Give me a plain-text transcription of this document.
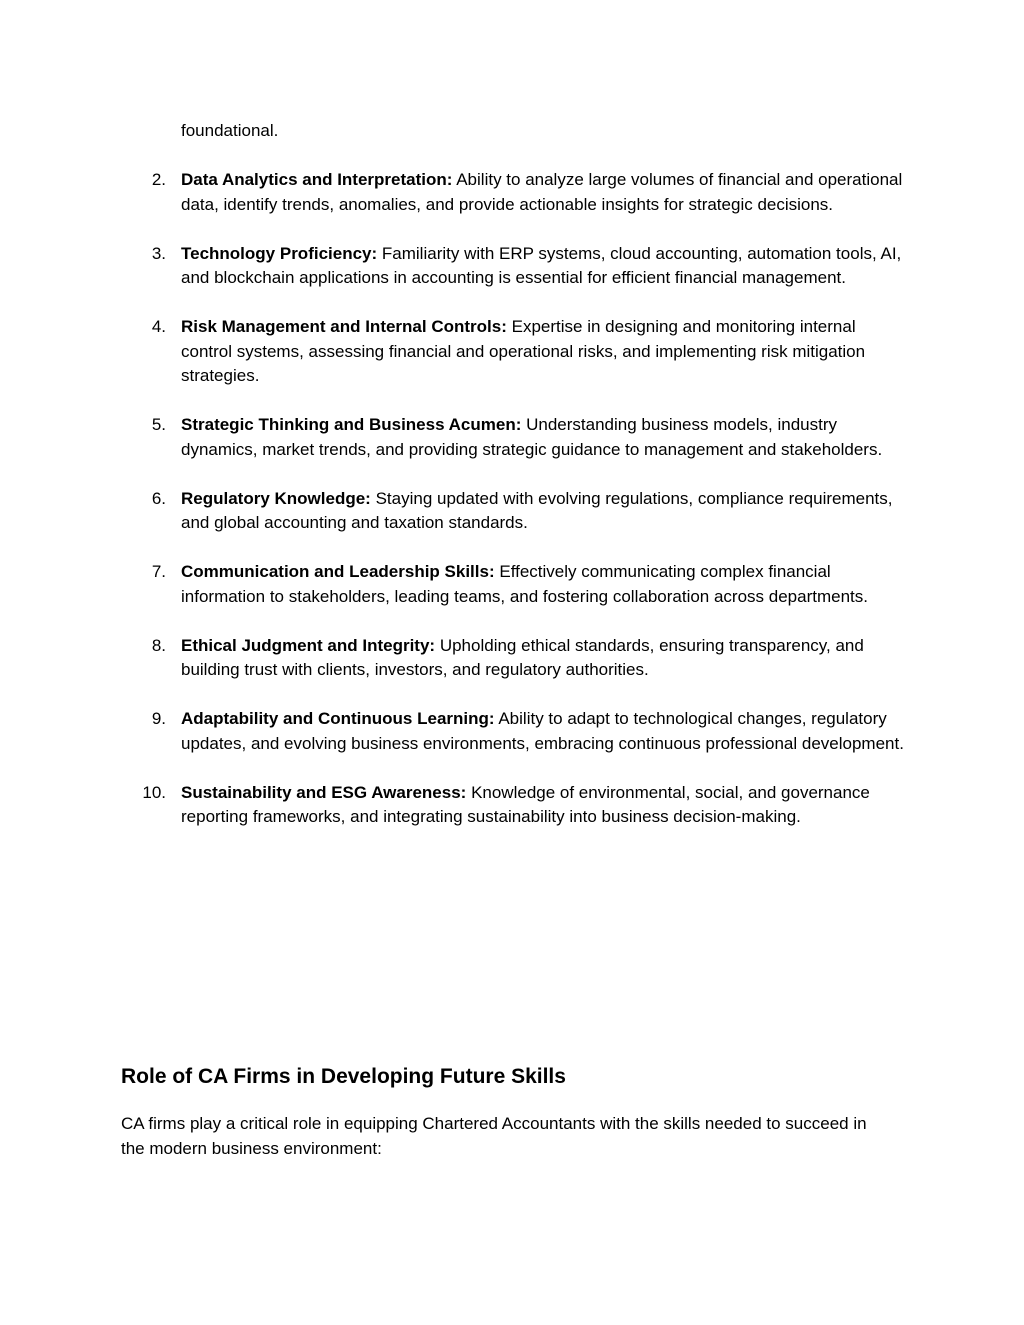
foundational.

2. Data Analytics and Interpretation: Ability to analyze large volumes of financial and operational data, identify trends, anomalies, and provide actionable insights for strategic decisions.
3. Technology Proficiency: Familiarity with ERP systems, cloud accounting, automation tools, AI, and blockchain applications in accounting is essential for efficient financial management.
4. Risk Management and Internal Controls: Expertise in designing and monitoring internal control systems, assessing financial and operational risks, and implementing risk mitigation strategies.
5. Strategic Thinking and Business Acumen: Understanding business models, industry dynamics, market trends, and providing strategic guidance to management and stakeholders.
6. Regulatory Knowledge: Staying updated with evolving regulations, compliance requirements, and global accounting and taxation standards.
7. Communication and Leadership Skills: Effectively communicating complex financial information to stakeholders, leading teams, and fostering collaboration across departments.
8. Ethical Judgment and Integrity: Upholding ethical standards, ensuring transparency, and building trust with clients, investors, and regulatory authorities.
9. Adaptability and Continuous Learning: Ability to adapt to technological changes, regulatory updates, and evolving business environments, embracing continuous professional development.
10. Sustainability and ESG Awareness: Knowledge of environmental, social, and governance reporting frameworks, and integrating sustainability into business decision-making.
Role of CA Firms in Developing Future Skills

CA firms play a critical role in equipping Chartered Accountants with the skills needed to succeed in the modern business environment:
